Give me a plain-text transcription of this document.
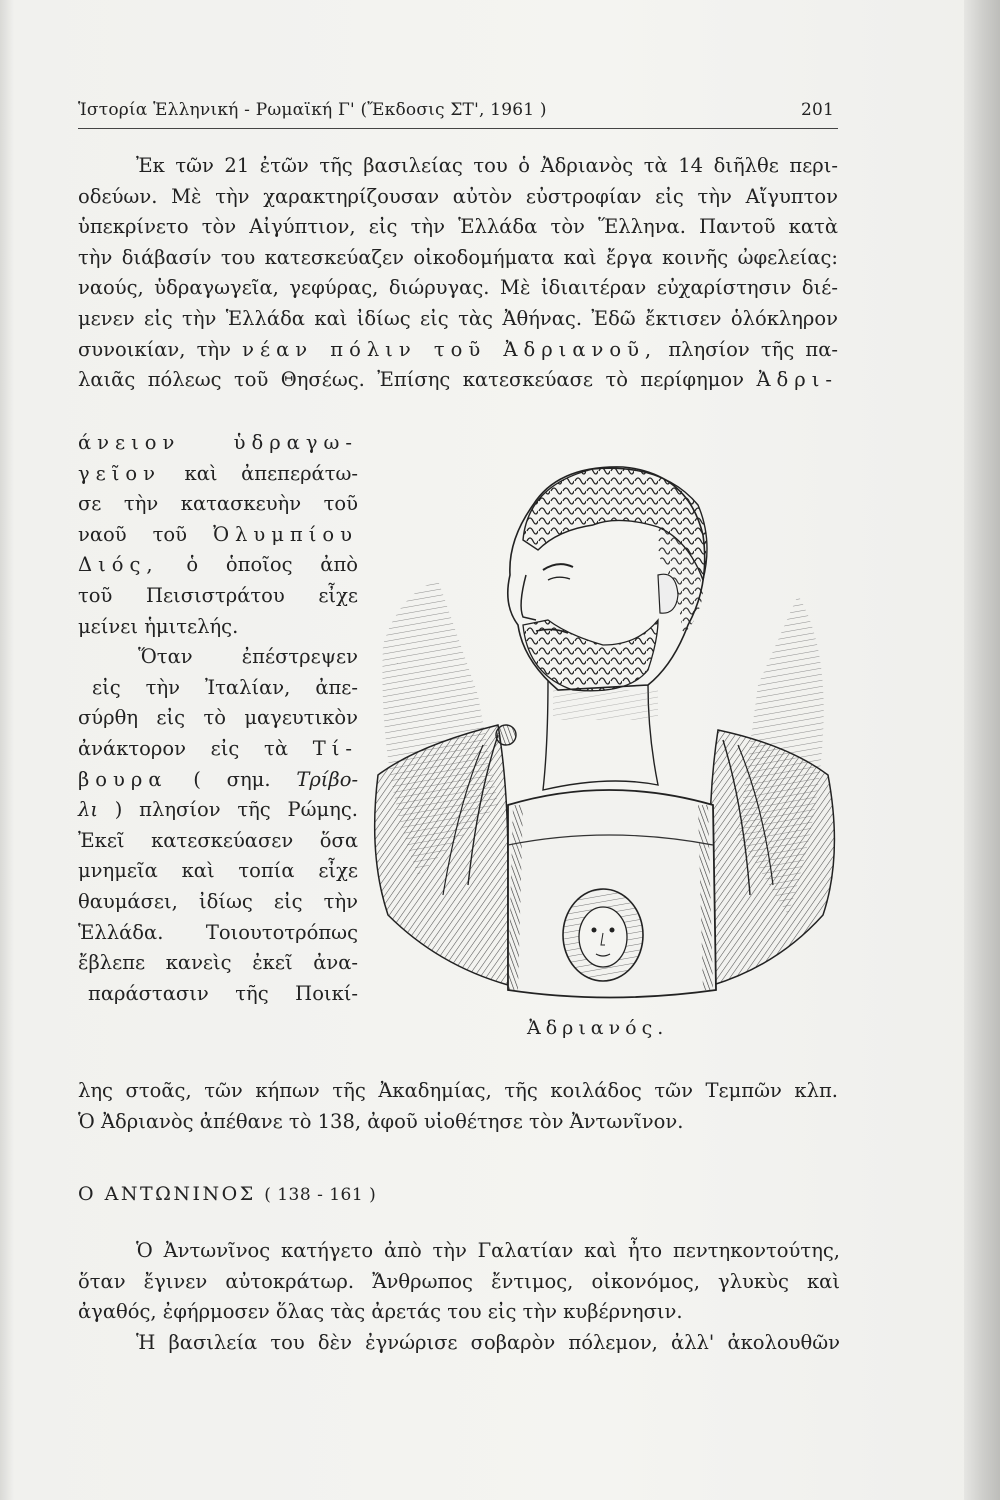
Ἱστορία Ἑλληνική - Ρωμαϊκή Γ' (Ἔκδοσις ΣΤ', 1961 )	201
Ἐκ τῶν 21 ἐτῶν τῆς βασιλείας του ὁ Ἀδριανὸς τὰ 14 διῆλθε περι-
οδεύων. Μὲ τὴν χαρακτηρίζουσαν αὐτὸν εὐστροφίαν εἰς τὴν Αἴγυπτον
ὑπεκρίνετο τὸν Αἰγύπτιον, εἰς τὴν Ἑλλάδα τὸν Ἕλληνα. Παντοῦ κατὰ
τὴν διάβασίν του κατεσκεύαζεν οἰκοδομήματα καὶ ἔργα κοινῆς ὠφελείας:
ναούς, ὑδραγωγεῖα, γεφύρας, διώρυγας. Μὲ ἰδιαιτέραν εὐχαρίστησιν διέ-
μενεν εἰς τὴν Ἑλλάδα καὶ ἰδίως εἰς τὰς Ἀθήνας. Ἐδῶ ἔκτισεν ὁλόκληρον
συνοικίαν, τὴν νέαν πόλιν τοῦ Ἀδριανοῦ, πλησίον τῆς πα-
λαιᾶς πόλεως τοῦ Θησέως. Ἐπίσης κατεσκεύασε τὸ περίφημον Ἀδρι-
άνειον ὑδραγω-
γεῖον καὶ ἀπεπεράτω-
σε τὴν κατασκευὴν τοῦ
ναοῦ τοῦ Ὀλυμπίου
Διός, ὁ ὁποῖος ἀπὸ
τοῦ Πεισιστράτου εἶχε
μείνει ἡμιτελής.
Ὅταν ἐπέστρεψεν
εἰς τὴν Ἰταλίαν, ἀπε-
σύρθη εἰς τὸ μαγευτικὸν
ἀνάκτορον εἰς τὰ Τί-
βουρα ( σημ. Τρίβο-
λι ) πλησίον τῆς Ρώμης.
Ἐκεῖ κατεσκεύασεν ὅσα
μνημεῖα καὶ τοπία εἶχε
θαυμάσει, ἰδίως εἰς τὴν
Ἑλλάδα. Τοιουτοτρόπως
ἔβλεπε κανεὶς ἐκεῖ ἀνα-
παράστασιν τῆς Ποικί-
Ἀδριανός.
λης στοᾶς, τῶν κήπων τῆς Ἀκαδημίας, τῆς κοιλάδος τῶν Τεμπῶν κλπ.
Ὁ Ἀδριανὸς ἀπέθανε τὸ 138, ἀφοῦ υἱοθέτησε τὸν Ἀντωνῖνον.
Ο ΑΝΤΩΝΙΝΟΣ ( 138 - 161 )
Ὁ Ἀντωνῖνος κατήγετο ἀπὸ τὴν Γαλατίαν καὶ ἦτο πεντηκοντούτης,
ὅταν ἔγινεν αὐτοκράτωρ. Ἄνθρωπος ἔντιμος, οἰκονόμος, γλυκὺς καὶ
ἀγαθός, ἐφήρμοσεν ὅλας τὰς ἀρετάς του εἰς τὴν κυβέρνησιν.
Ἡ βασιλεία του δὲν ἐγνώρισε σοβαρὸν πόλεμον, ἀλλ' ἀκολουθῶν
